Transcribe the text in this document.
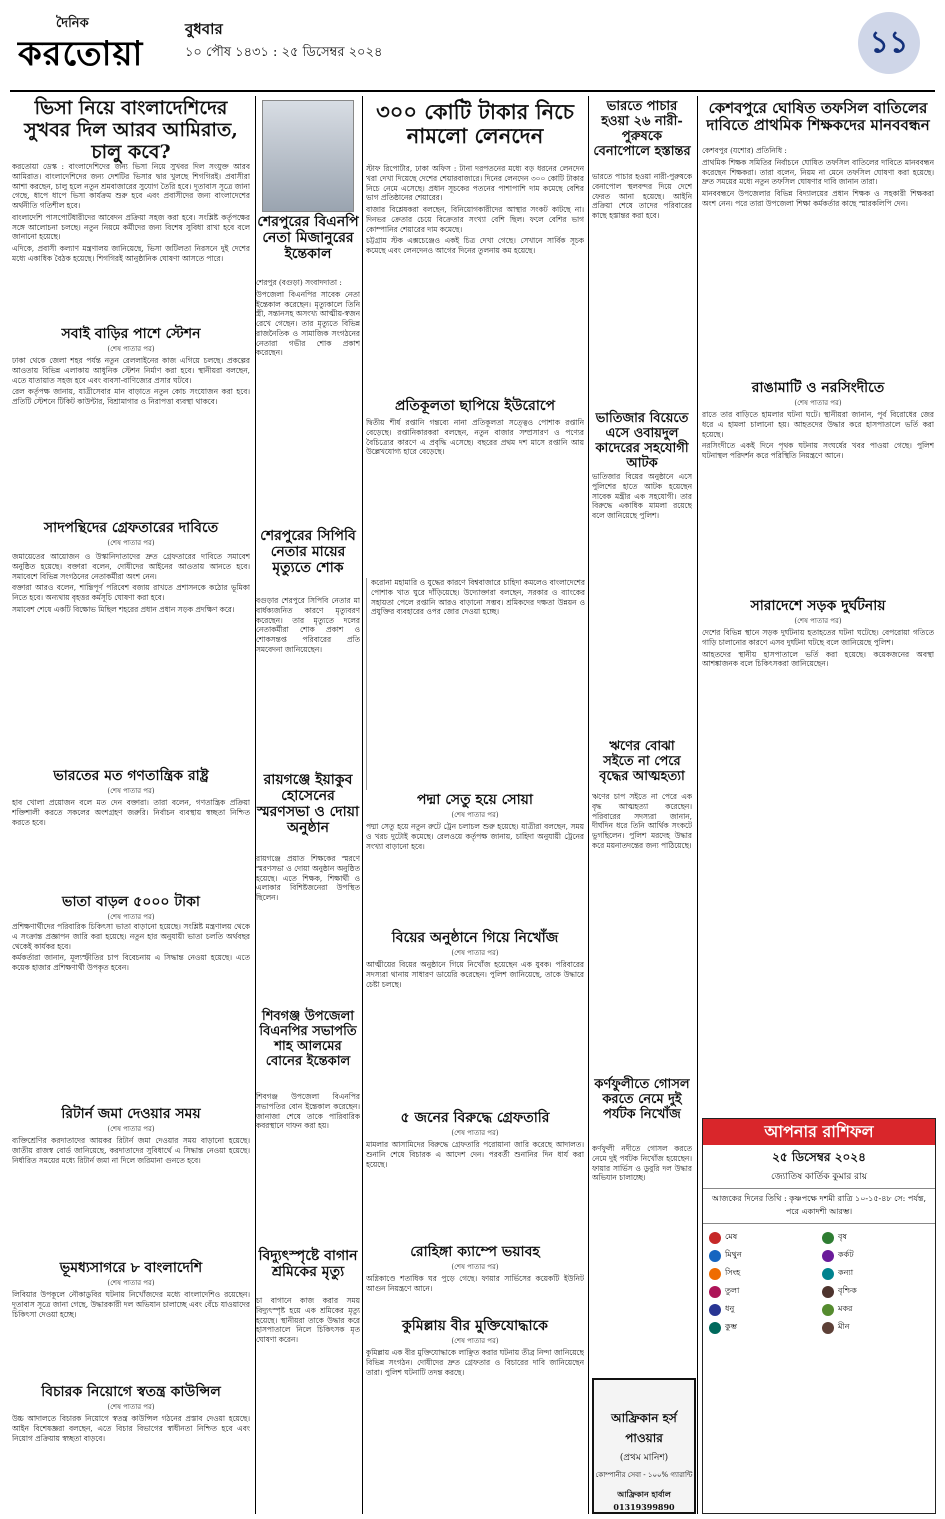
দৈনিক
করতোয়া
বুধবার
১০ পৌষ ১৪৩১ : ২৫ ডিসেম্বর ২০২৪	১১
ভিসা নিয়ে বাংলাদেশিদের সুখবর দিল আরব আমিরাত, চালু কবে?

করতোয়া ডেস্ক : বাংলাদেশিদের জন্য ভিসা নিয়ে সুখবর দিল সংযুক্ত আরব আমিরাত। বাংলাদেশিদের জন্য দেশটির ভিসার দ্বার খুলছে শিগগিরই। প্রবাসীরা আশা করছেন, চালু হলে নতুন শ্রমবাজারের সুযোগ তৈরি হবে। দূতাবাস সূত্রে জানা গেছে, ধাপে ধাপে ভিসা কার্যক্রম শুরু হবে এবং প্রবাসীদের জন্য বাংলাদেশের অর্থনীতি গতিশীল হবে।

বাংলাদেশি পাসপোর্টধারীদের আবেদন প্রক্রিয়া সহজ করা হবে। সংশ্লিষ্ট কর্তৃপক্ষের সঙ্গে আলোচনা চলছে। নতুন নিয়মে কর্মীদের জন্য বিশেষ সুবিধা রাখা হবে বলে জানানো হয়েছে।

এদিকে, প্রবাসী কল্যাণ মন্ত্রণালয় জানিয়েছে, ভিসা জটিলতা নিরসনে দুই দেশের মধ্যে একাধিক বৈঠক হয়েছে। শিগগিরই আনুষ্ঠানিক ঘোষণা আসতে পারে।

সবাই বাড়ির পাশে স্টেশন
(শেষ পাতার পর)

ঢাকা থেকে জেলা শহর পর্যন্ত নতুন রেললাইনের কাজ এগিয়ে চলছে। প্রকল্পের আওতায় বিভিন্ন এলাকায় আধুনিক স্টেশন নির্মাণ করা হবে। স্থানীয়রা বলছেন, এতে যাতায়াত সহজ হবে এবং ব্যবসা-বাণিজ্যের প্রসার ঘটবে।

রেল কর্তৃপক্ষ জানায়, যাত্রীসেবার মান বাড়াতে নতুন কোচ সংযোজন করা হবে। প্রতিটি স্টেশনে টিকিট কাউন্টার, বিশ্রামাগার ও নিরাপত্তা ব্যবস্থা থাকবে।

সাদপন্থিদের গ্রেফতারের দাবিতে
(শেষ পাতার পর)

জমায়েতের আয়োজন ও উস্কানিদাতাদের দ্রুত গ্রেফতারের দাবিতে সমাবেশ অনুষ্ঠিত হয়েছে। বক্তারা বলেন, দোষীদের আইনের আওতায় আনতে হবে। সমাবেশে বিভিন্ন সংগঠনের নেতাকর্মীরা অংশ নেন।

বক্তারা আরও বলেন, শান্তিপূর্ণ পরিবেশ বজায় রাখতে প্রশাসনকে কঠোর ভূমিকা নিতে হবে। অন্যথায় বৃহত্তর কর্মসূচি ঘোষণা করা হবে।

সমাবেশ শেষে একটি বিক্ষোভ মিছিল শহরের প্রধান প্রধান সড়ক প্রদক্ষিণ করে।

ভারতের মত গণতান্ত্রিক রাষ্ট্র
(শেষ পাতার পর)

হাব খোলা প্রয়োজন বলে মত দেন বক্তারা। তারা বলেন, গণতান্ত্রিক প্রক্রিয়া শক্তিশালী করতে সকলের অংশগ্রহণ জরুরি। নির্বাচন ব্যবস্থায় স্বচ্ছতা নিশ্চিত করতে হবে।

ভাতা বাড়ল ৫০০০ টাকা
(শেষ পাতার পর)

প্রশিক্ষণার্থীদের পরিবারিক চিকিৎসা ভাতা বাড়ানো হয়েছে। সংশ্লিষ্ট মন্ত্রণালয় থেকে এ সংক্রান্ত প্রজ্ঞাপন জারি করা হয়েছে। নতুন হার অনুযায়ী ভাতা চলতি অর্থবছর থেকেই কার্যকর হবে।

কর্মকর্তারা জানান, মূল্যস্ফীতির চাপ বিবেচনায় এ সিদ্ধান্ত নেওয়া হয়েছে। এতে কয়েক হাজার প্রশিক্ষণার্থী উপকৃত হবেন।

রিটার্ন জমা দেওয়ার সময়
(শেষ পাতার পর)

ব্যক্তিশ্রেণির করদাতাদের আয়কর রিটার্ন জমা দেওয়ার সময় বাড়ানো হয়েছে। জাতীয় রাজস্ব বোর্ড জানিয়েছে, করদাতাদের সুবিধার্থে এ সিদ্ধান্ত নেওয়া হয়েছে। নির্ধারিত সময়ের মধ্যে রিটার্ন জমা না দিলে জরিমানা গুনতে হবে।

ভূমধ্যসাগরে ৮ বাংলাদেশি
(শেষ পাতার পর)

লিবিয়ার উপকূলে নৌকাডুবির ঘটনায় নিখোঁজদের মধ্যে বাংলাদেশিও রয়েছেন। দূতাবাস সূত্রে জানা গেছে, উদ্ধারকারী দল অভিযান চালাচ্ছে এবং বেঁচে যাওয়াদের চিকিৎসা দেওয়া হচ্ছে।

বিচারক নিয়োগে স্বতন্ত্র কাউন্সিল
(শেষ পাতার পর)

উচ্চ আদালতে বিচারক নিয়োগে স্বতন্ত্র কাউন্সিল গঠনের প্রস্তাব দেওয়া হয়েছে। আইন বিশেষজ্ঞরা বলছেন, এতে বিচার বিভাগের স্বাধীনতা নিশ্চিত হবে এবং নিয়োগ প্রক্রিয়ায় স্বচ্ছতা বাড়বে।

শেরপুরের বিএনপি নেতা মিজানুরের ইন্তেকাল

শেরপুর (বগুড়া) সংবাদদাতা :

উপজেলা বিএনপির সাবেক নেতা ইন্তেকাল করেছেন। মৃত্যুকালে তিনি স্ত্রী, সন্তানসহ অসংখ্য আত্মীয়-স্বজন রেখে গেছেন। তার মৃত্যুতে বিভিন্ন রাজনৈতিক ও সামাজিক সংগঠনের নেতারা গভীর শোক প্রকাশ করেছেন।

শেরপুরের সিপিবি নেতার মায়ের মৃত্যুতে শোক

বগুড়ার শেরপুরে সিপিবি নেতার মা বার্ধক্যজনিত কারণে মৃত্যুবরণ করেছেন। তার মৃত্যুতে দলের নেতাকর্মীরা শোক প্রকাশ ও শোকসন্তপ্ত পরিবারের প্রতি সমবেদনা জানিয়েছেন।

রায়গঞ্জে ইয়াকুব হোসেনের স্মরণসভা ও দোয়া অনুষ্ঠান

রায়গঞ্জে প্রয়াত শিক্ষকের স্মরণে স্মরণসভা ও দোয়া অনুষ্ঠান অনুষ্ঠিত হয়েছে। এতে শিক্ষক, শিক্ষার্থী ও এলাকার বিশিষ্টজনেরা উপস্থিত ছিলেন।

শিবগঞ্জ উপজেলা বিএনপির সভাপতি শাহ আলমের বোনের ইন্তেকাল

শিবগঞ্জ উপজেলা বিএনপির সভাপতির বোন ইন্তেকাল করেছেন। জানাজা শেষে তাকে পারিবারিক কবরস্থানে দাফন করা হয়।

বিদ্যুৎস্পৃষ্টে বাগান শ্রমিকের মৃত্যু

চা বাগানে কাজ করার সময় বিদ্যুৎস্পৃষ্ট হয়ে এক শ্রমিকের মৃত্যু হয়েছে। স্থানীয়রা তাকে উদ্ধার করে হাসপাতালে নিলে চিকিৎসক মৃত ঘোষণা করেন।

৩০০ কোটি টাকার নিচে নামলো লেনদেন

স্টাফ রিপোর্টার, ঢাকা অফিস : টানা দরপতনের মধ্যে বড় ধরনের লেনদেন খরা দেখা দিয়েছে দেশের শেয়ারবাজারে। দিনের লেনদেন ৩০০ কোটি টাকার নিচে নেমে এসেছে। প্রধান সূচকের পতনের পাশাপাশি দাম কমেছে বেশির ভাগ প্রতিষ্ঠানের শেয়ারের।

বাজার বিশ্লেষকরা বলছেন, বিনিয়োগকারীদের আস্থার সংকট কাটছে না। দিনভর ক্রেতার চেয়ে বিক্রেতার সংখ্যা বেশি ছিল। ফলে বেশির ভাগ কোম্পানির শেয়ারের দাম কমেছে।

চট্টগ্রাম স্টক এক্সচেঞ্জেও একই চিত্র দেখা গেছে। সেখানে সার্বিক সূচক কমেছে এবং লেনদেনও আগের দিনের তুলনায় কম হয়েছে।

প্রতিকূলতা ছাপিয়ে ইউরোপে

দ্বিতীয় শীর্ষ রপ্তানি গন্তব্যে নানা প্রতিকূলতা সত্ত্বেও পোশাক রপ্তানি বেড়েছে। রপ্তানিকারকরা বলছেন, নতুন বাজার সম্প্রসারণ ও পণ্যের বৈচিত্র্যের কারণে এ প্রবৃদ্ধি এসেছে। বছরের প্রথম দশ মাসে রপ্তানি আয় উল্লেখযোগ্য হারে বেড়েছে।

করোনা মহামারি ও যুদ্ধের কারণে বিশ্ববাজারে চাহিদা কমলেও বাংলাদেশের পোশাক খাত ঘুরে দাঁড়িয়েছে। উদ্যোক্তারা বলছেন, সরকার ও ব্যাংকের সহায়তা পেলে রপ্তানি আরও বাড়ানো সম্ভব। শ্রমিকদের দক্ষতা উন্নয়ন ও প্রযুক্তির ব্যবহারের ওপর জোর দেওয়া হচ্ছে।

পদ্মা সেতু হয়ে সোয়া
(শেষ পাতার পর)

পদ্মা সেতু হয়ে নতুন রুটে ট্রেন চলাচল শুরু হয়েছে। যাত্রীরা বলছেন, সময় ও খরচ দুটোই কমেছে। রেলওয়ে কর্তৃপক্ষ জানায়, চাহিদা অনুযায়ী ট্রেনের সংখ্যা বাড়ানো হবে।

বিয়ের অনুষ্ঠানে গিয়ে নিখোঁজ
(শেষ পাতার পর)

আত্মীয়ের বিয়ের অনুষ্ঠানে গিয়ে নিখোঁজ হয়েছেন এক যুবক। পরিবারের সদস্যরা থানায় সাধারণ ডায়েরি করেছেন। পুলিশ জানিয়েছে, তাকে উদ্ধারে চেষ্টা চলছে।

৫ জনের বিরুদ্ধে গ্রেফতারি
(শেষ পাতার পর)

মামলার আসামিদের বিরুদ্ধে গ্রেফতারি পরোয়ানা জারি করেছে আদালত। শুনানি শেষে বিচারক এ আদেশ দেন। পরবর্তী শুনানির দিন ধার্য করা হয়েছে।

রোহিঙ্গা ক্যাম্পে ভয়াবহ
(শেষ পাতার পর)

অগ্নিকাণ্ডে শতাধিক ঘর পুড়ে গেছে। ফায়ার সার্ভিসের কয়েকটি ইউনিট আগুন নিয়ন্ত্রণে আনে।

কুমিল্লায় বীর মুক্তিযোদ্ধাকে
(শেষ পাতার পর)

কুমিল্লায় এক বীর মুক্তিযোদ্ধাকে লাঞ্ছিত করার ঘটনায় তীব্র নিন্দা জানিয়েছে বিভিন্ন সংগঠন। দোষীদের দ্রুত গ্রেফতার ও বিচারের দাবি জানিয়েছেন তারা। পুলিশ ঘটনাটি তদন্ত করছে।

ভারতে পাচার হওয়া ২৬ নারী-পুরুষকে বেনাপোলে হস্তান্তর

ভারতে পাচার হওয়া নারী-পুরুষকে বেনাপোল স্থলবন্দর দিয়ে দেশে ফেরত আনা হয়েছে। আইনি প্রক্রিয়া শেষে তাদের পরিবারের কাছে হস্তান্তর করা হবে।

ভাতিজার বিয়েতে এসে ওবায়দুল কাদেরের সহযোগী আটক

ভাতিজার বিয়ের অনুষ্ঠানে এসে পুলিশের হাতে আটক হয়েছেন সাবেক মন্ত্রীর এক সহযোগী। তার বিরুদ্ধে একাধিক মামলা রয়েছে বলে জানিয়েছে পুলিশ।

ঋণের বোঝা সইতে না পেরে বৃদ্ধের আত্মহত্যা

ঋণের চাপ সইতে না পেরে এক বৃদ্ধ আত্মহত্যা করেছেন। পরিবারের সদস্যরা জানান, দীর্ঘদিন ধরে তিনি আর্থিক সংকটে ভুগছিলেন। পুলিশ মরদেহ উদ্ধার করে ময়নাতদন্তের জন্য পাঠিয়েছে।

কর্ণফুলীতে গোসল করতে নেমে দুই পর্যটক নিখোঁজ

কর্ণফুলী নদীতে গোসল করতে নেমে দুই পর্যটক নিখোঁজ হয়েছেন। ফায়ার সার্ভিস ও ডুবুরি দল উদ্ধার অভিযান চালাচ্ছে।

আফ্রিকান হর্স পাওয়ার
(প্রথম মানিশ)
কোম্পানীর সেবা - ১০০% গ্যারান্টি
আফ্রিকান হার্বাল 01319399890
কেশবপুরে ঘোষিত তফসিল বাতিলের দাবিতে প্রাথমিক শিক্ষকদের মানববন্ধন

কেশবপুর (যশোর) প্রতিনিধি :

প্রাথমিক শিক্ষক সমিতির নির্বাচনে ঘোষিত তফসিল বাতিলের দাবিতে মানববন্ধন করেছেন শিক্ষকরা। তারা বলেন, নিয়ম না মেনে তফসিল ঘোষণা করা হয়েছে। দ্রুত সময়ের মধ্যে নতুন তফসিল ঘোষণার দাবি জানান তারা।

মানববন্ধনে উপজেলার বিভিন্ন বিদ্যালয়ের প্রধান শিক্ষক ও সহকারী শিক্ষকরা অংশ নেন। পরে তারা উপজেলা শিক্ষা কর্মকর্তার কাছে স্মারকলিপি দেন।

রাঙামাটি ও নরসিংদীতে
(শেষ পাতার পর)

রাতে তার বাড়িতে হামলার ঘটনা ঘটে। স্থানীয়রা জানান, পূর্ব বিরোধের জের ধরে এ হামলা চালানো হয়। আহতদের উদ্ধার করে হাসপাতালে ভর্তি করা হয়েছে।

নরসিংদীতে একই দিনে পৃথক ঘটনায় সংঘর্ষের খবর পাওয়া গেছে। পুলিশ ঘটনাস্থল পরিদর্শন করে পরিস্থিতি নিয়ন্ত্রণে আনে।

সারাদেশে সড়ক দুর্ঘটনায়
(শেষ পাতার পর)

দেশের বিভিন্ন স্থানে সড়ক দুর্ঘটনায় হতাহতের ঘটনা ঘটেছে। বেপরোয়া গতিতে গাড়ি চালানোর কারণে এসব দুর্ঘটনা ঘটছে বলে জানিয়েছে পুলিশ।

আহতদের স্থানীয় হাসপাতালে ভর্তি করা হয়েছে। কয়েকজনের অবস্থা আশঙ্কাজনক বলে চিকিৎসকরা জানিয়েছেন।

আপনার রাশিফল
২৫ ডিসেম্বর ২০২৪
জ্যোতিষ কার্তিক কুমার রায়
আজকের দিনের তিথি : কৃষ্ণপক্ষে দশমী রাত্রি ১০-১৫-৪৮ সে: পর্যন্ত, পরে একাদশী আরম্ভ।
মেষ	বৃষ
মিথুন	কর্কট
সিংহ	কন্যা
তুলা	বৃশ্চিক
ধনু	মকর
কুম্ভ	মীন
